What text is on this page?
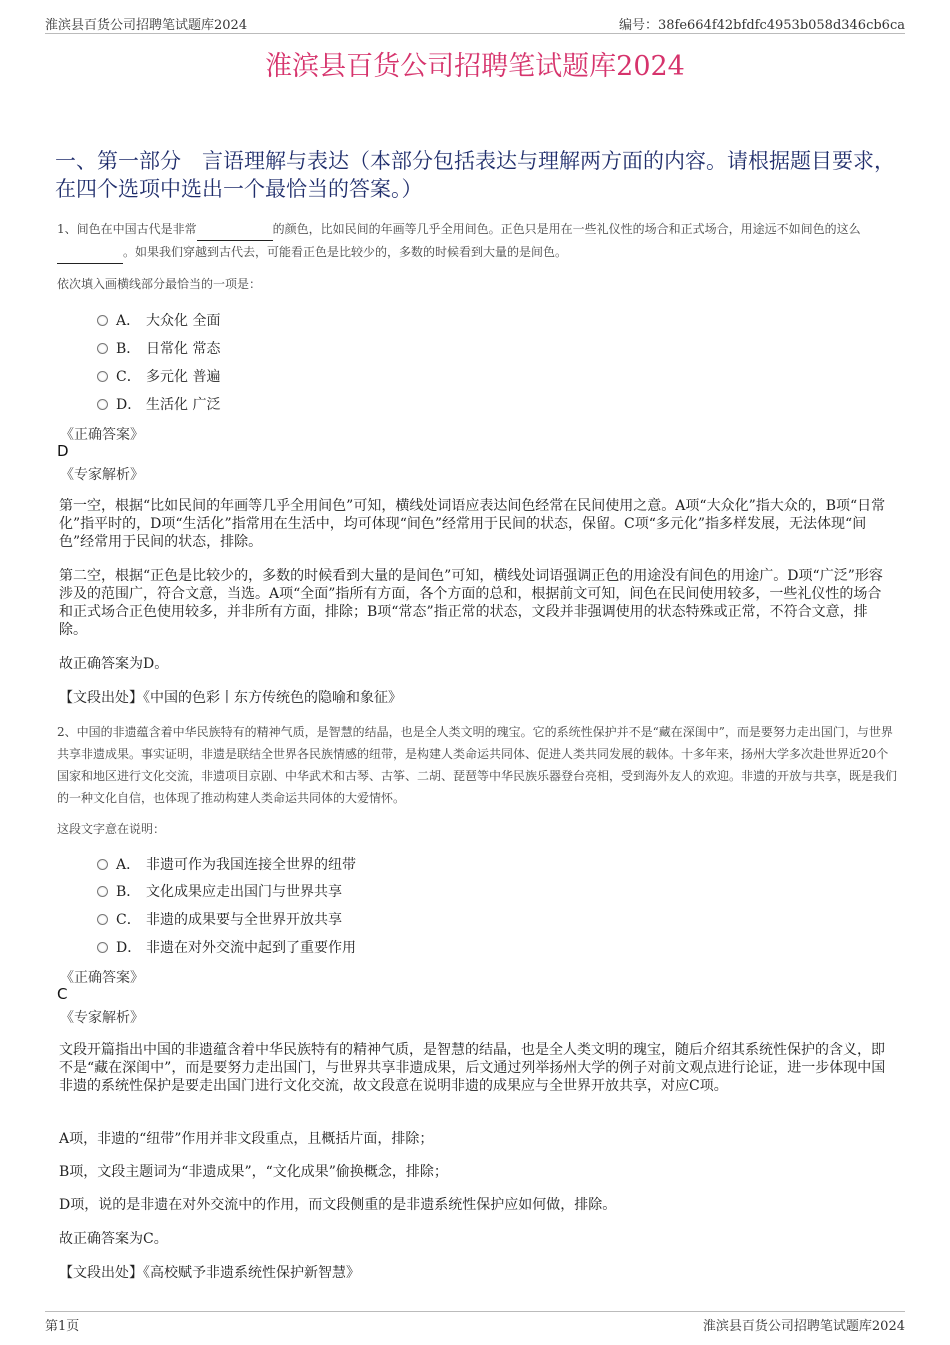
淮滨县百货公司招聘笔试题库2024	编号：38fe664f42bfdfc4953b058d346cb6ca
淮滨县百货公司招聘笔试题库2024
一、第一部分　言语理解与表达（本部分包括表达与理解两方面的内容。请根据题目要求，在四个选项中选出一个最恰当的答案。）
1、间色在中国古代是非常	的颜色，比如民间的年画等几乎全用间色。正色只是用在一些礼仪性的场合和正式场合，用途远不如间色的这么 。如果我们穿越到古代去，可能看正色是比较少的，多数的时候看到大量的是间色。
依次填入画横线部分最恰当的一项是：
A． 大众化 全面
B． 日常化 常态
C． 多元化 普遍
D． 生活化 广泛
《正确答案》
D
《专家解析》
第一空，根据“比如民间的年画等几乎全用间色”可知，横线处词语应表达间色经常在民间使用之意。A项“大众化”指大众的，B项“日常化”指平时的，D项“生活化”指常用在生活中，均可体现“间色”经常用于民间的状态，保留。C项“多元化”指多样发展，无法体现“间色”经常用于民间的状态，排除。
第二空，根据“正色是比较少的，多数的时候看到大量的是间色”可知，横线处词语强调正色的用途没有间色的用途广。D项“广泛”形容涉及的范围广，符合文意，当选。A项“全面”指所有方面，各个方面的总和，根据前文可知，间色在民间使用较多，一些礼仪性的场合和正式场合正色使用较多，并非所有方面，排除；B项“常态”指正常的状态，文段并非强调使用的状态特殊或正常，不符合文意，排除。
故正确答案为D。
【文段出处】《中国的色彩丨东方传统色的隐喻和象征》
2、中国的非遗蕴含着中华民族特有的精神气质，是智慧的结晶，也是全人类文明的瑰宝。它的系统性保护并不是“藏在深闺中”，而是要努力走出国门，与世界共享非遗成果。事实证明，非遗是联结全世界各民族情感的纽带，是构建人类命运共同体、促进人类共同发展的载体。十多年来，扬州大学多次赴世界近20个国家和地区进行文化交流，非遗项目京剧、中华武术和古琴、古筝、二胡、琵琶等中华民族乐器登台亮相，受到海外友人的欢迎。非遗的开放与共享，既是我们的一种文化自信，也体现了推动构建人类命运共同体的大爱情怀。
这段文字意在说明：
A． 非遗可作为我国连接全世界的纽带
B． 文化成果应走出国门与世界共享
C． 非遗的成果要与全世界开放共享
D． 非遗在对外交流中起到了重要作用
《正确答案》
C
《专家解析》
文段开篇指出中国的非遗蕴含着中华民族特有的精神气质，是智慧的结晶，也是全人类文明的瑰宝，随后介绍其系统性保护的含义，即不是“藏在深闺中”，而是要努力走出国门，与世界共享非遗成果，后文通过列举扬州大学的例子对前文观点进行论证，进一步体现中国非遗的系统性保护是要走出国门进行文化交流，故文段意在说明非遗的成果应与全世界开放共享，对应C项。
A项，非遗的“纽带”作用并非文段重点，且概括片面，排除；
B项，文段主题词为“非遗成果”，“文化成果”偷换概念，排除；
D项，说的是非遗在对外交流中的作用，而文段侧重的是非遗系统性保护应如何做，排除。
故正确答案为C。
【文段出处】《高校赋予非遗系统性保护新智慧》
第1页	淮滨县百货公司招聘笔试题库2024
